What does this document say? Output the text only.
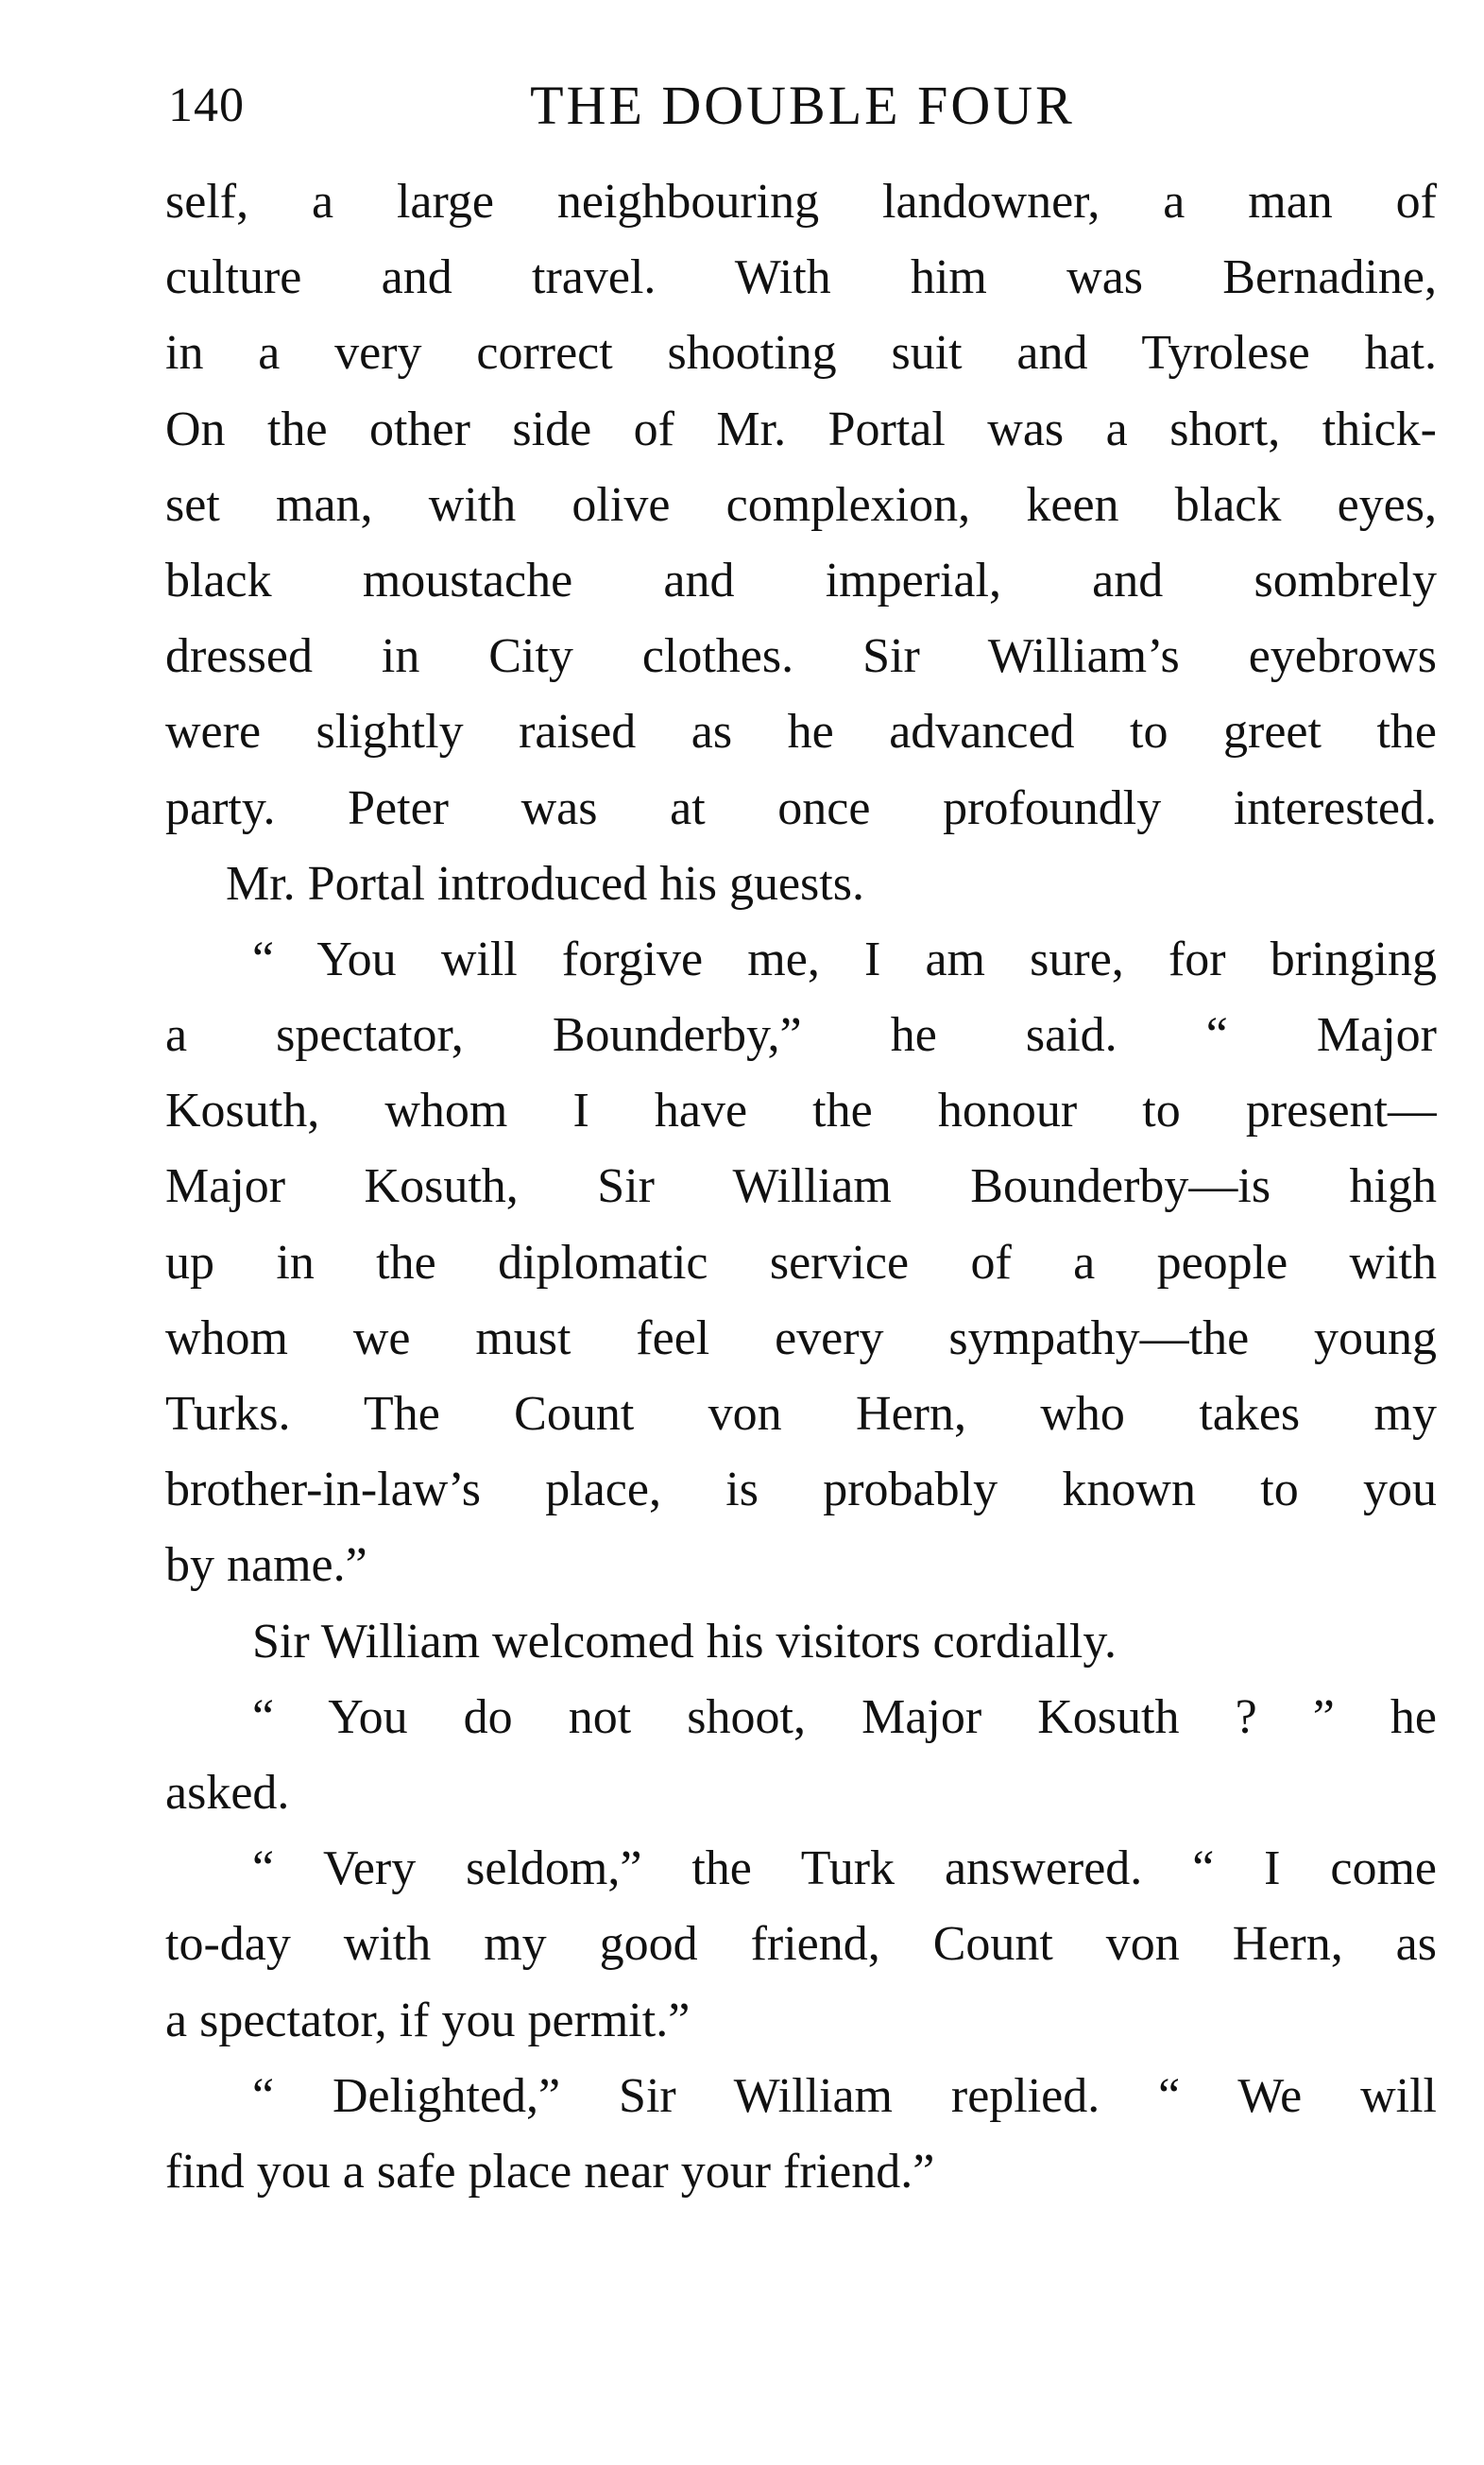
140	THE DOUBLE FOUR
self, a large neighbouring landowner, a man of
culture and travel. With him was Bernadine,
in a very correct shooting suit and Tyrolese hat.
On the other side of Mr. Portal was a short, thick-
set man, with olive complexion, keen black eyes,
black moustache and imperial, and sombrely
dressed in City clothes. Sir William’s eyebrows
were slightly raised as he advanced to greet the
party. Peter was at once profoundly interested.
Mr. Portal introduced his guests.
“ You will forgive me, I am sure, for bringing
a spectator, Bounderby,” he said. “ Major
Kosuth, whom I have the honour to present—
Major Kosuth, Sir William Bounderby—is high
up in the diplomatic service of a people with
whom we must feel every sympathy—the young
Turks. The Count von Hern, who takes my
brother-in-law’s place, is probably known to you
by name.”
Sir William welcomed his visitors cordially.
“ You do not shoot, Major Kosuth ? ” he
asked.
“ Very seldom,” the Turk answered. “ I come
to-day with my good friend, Count von Hern, as
a spectator, if you permit.”
“ Delighted,” Sir William replied. “ We will
find you a safe place near your friend.”
